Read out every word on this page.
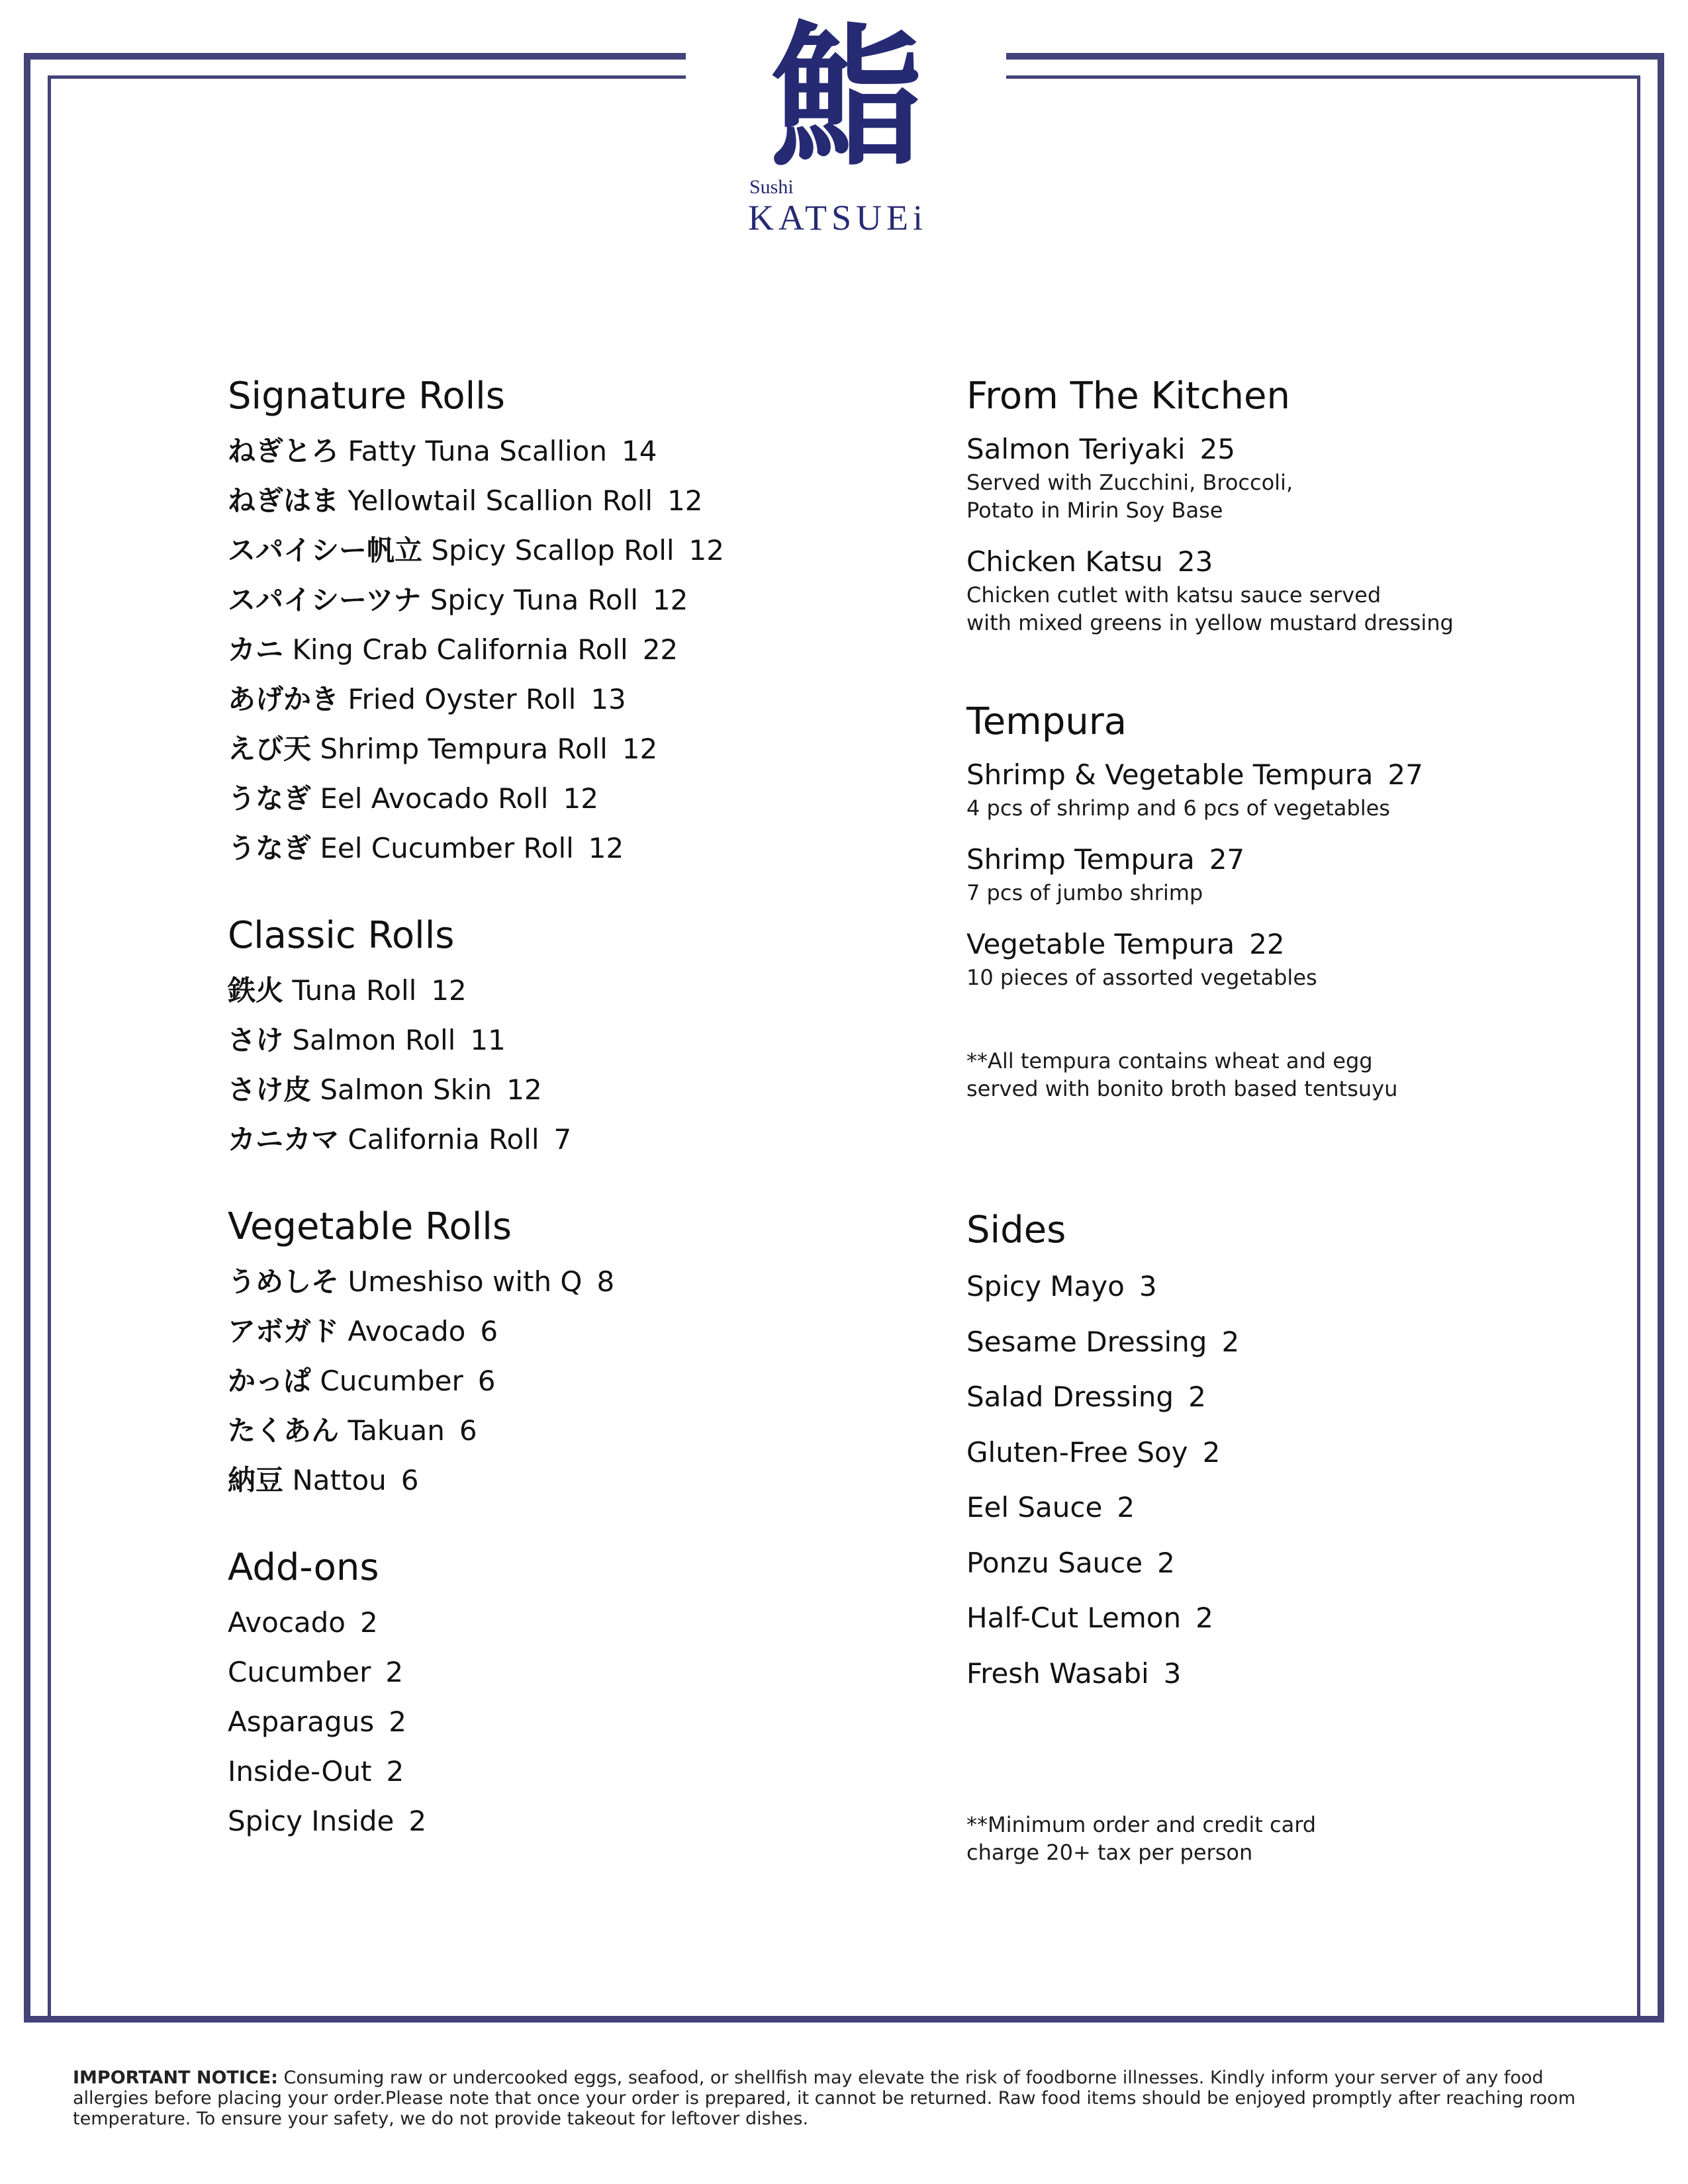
鮨
Sushi
KATSUEi
Signature Rolls
ねぎとろ Fatty Tuna Scallion 14
ねぎはま Yellowtail Scallion Roll 12
スパイシー帆立 Spicy Scallop Roll 12
スパイシーツナ Spicy Tuna Roll 12
カニ King Crab California Roll 22
あげかき Fried Oyster Roll 13
えび天 Shrimp Tempura Roll 12
うなぎ Eel Avocado Roll 12
うなぎ Eel Cucumber Roll 12
Classic Rolls
鉄火 Tuna Roll 12
さけ Salmon Roll 11
さけ皮 Salmon Skin 12
カニカマ California Roll 7
Vegetable Rolls
うめしそ Umeshiso with Q 8
アボガド Avocado 6
かっぱ Cucumber 6
たくあん Takuan 6
納豆 Nattou 6
Add-ons
Avocado 2
Cucumber 2
Asparagus 2
Inside-Out 2
Spicy Inside 2
From The Kitchen
Salmon Teriyaki 25
Served with Zucchini, Broccoli,
Potato in Mirin Soy Base
Chicken Katsu 23
Chicken cutlet with katsu sauce served
with mixed greens in yellow mustard dressing
Tempura
Shrimp & Vegetable Tempura 27
4 pcs of shrimp and 6 pcs of vegetables
Shrimp Tempura 27
7 pcs of jumbo shrimp
Vegetable Tempura 22
10 pieces of assorted vegetables
**All tempura contains wheat and egg
served with bonito broth based tentsuyu
Sides
Spicy Mayo 3
Sesame Dressing 2
Salad Dressing 2
Gluten-Free Soy 2
Eel Sauce 2
Ponzu Sauce 2
Half-Cut Lemon 2
Fresh Wasabi 3
**Minimum order and credit card
charge 20+ tax per person
IMPORTANT NOTICE: Consuming raw or undercooked eggs, seafood, or shellfish may elevate the risk of foodborne illnesses. Kindly inform your server of any food allergies before placing your order.Please note that once your order is prepared, it cannot be returned. Raw food items should be enjoyed promptly after reaching room temperature. To ensure your safety, we do not provide takeout for leftover dishes.
